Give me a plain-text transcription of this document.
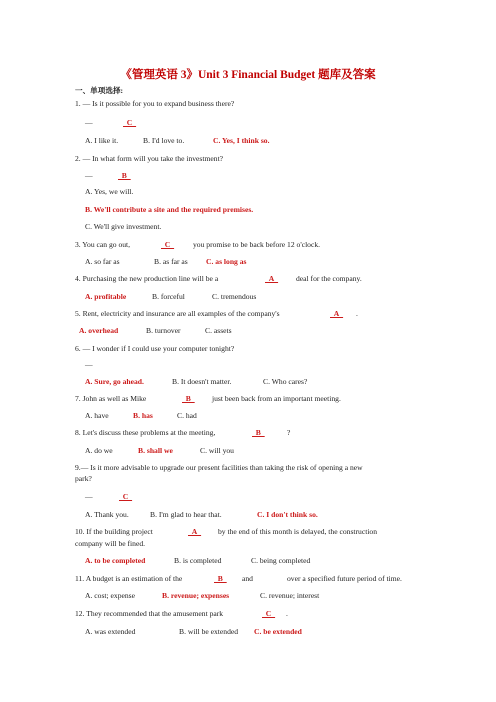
《管理英语 3》Unit 3 Financial Budget 题库及答案
一、单项选择:
1. — Is it possible for you to expand business there?
—	C
A. I like it.	B. I'd love to.	C. Yes, I think so.
2. — In what form will you take the investment?
—	B
A. Yes, we will.
B. We'll contribute a site and the required premises.
C. We'll give investment.
3. You can go out,	C you promise to be back before 12 o'clock.
A. so far as	B. as far as C. as long as
4. Purchasing the new production line will be a	A deal for the company.
A. profitable	B. forceful	C. tremendous
5. Rent, electricity and insurance are all examples of the company's	A .
A. overhead	B. turnover	C. assets
6. — I wonder if I could use your computer tonight?
—
A. Sure, go ahead.	B. It doesn't matter.	C. Who cares?
7. John as well as Mike	B just been back from an important meeting.
A. have	B. has	C. had
8. Let's discuss these problems at the meeting,	B	?
A. do we	B. shall we	C. will you
9.— Is it more advisable to upgrade our present facilities than taking the risk of opening a new
park?
—	C
A. Thank you.	B. I'm glad to hear that.	C. I don't think so.
10. If the building project	A by the end of this month is delayed, the construction
company will be fined.
A. to be completed	B. is completed	C. being completed
11. A budget is an estimation of the	B and	over a specified future period of time.
A. cost; expense	B. revenue; expenses	C. revenue; interest
12. They recommended that the amusement park	C .
A. was extended	B. will be extended C. be extended
